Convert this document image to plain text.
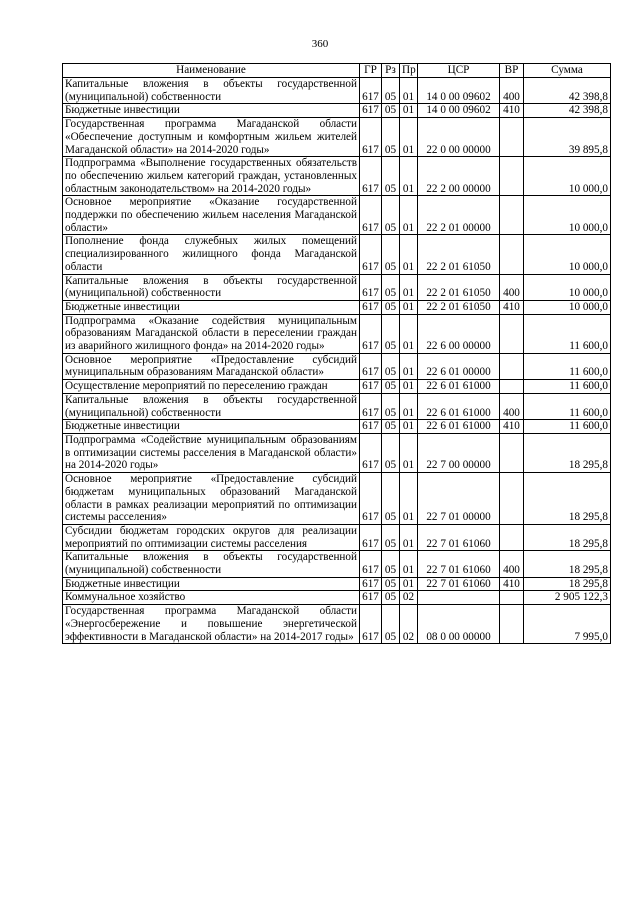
360
Наименование	ГР	Рз	Пр	ЦСР	ВР	Сумма
Капитальные вложения в объекты государственной (муниципальной) собственности	617	05	01	14 0 00 09602	400	42 398,8
Бюджетные инвестиции	617	05	01	14 0 00 09602	410	42 398,8
Государственная программа Магаданской области «Обеспечение доступным и комфортным жильем жителей Магаданской области» на 2014-2020 годы»	617	05	01	22 0 00 00000		39 895,8
Подпрограмма «Выполнение государственных обязательств по обеспечению жильем категорий граждан, установленных областным законодательством» на 2014-2020 годы»	617	05	01	22 2 00 00000		10 000,0
Основное мероприятие «Оказание государственной поддержки по обеспечению жильем населения Магаданской области»	617	05	01	22 2 01 00000		10 000,0
Пополнение фонда служебных жилых помещений специализированного жилищного фонда Магаданской области	617	05	01	22 2 01 61050		10 000,0
Капитальные вложения в объекты государственной (муниципальной) собственности	617	05	01	22 2 01 61050	400	10 000,0
Бюджетные инвестиции	617	05	01	22 2 01 61050	410	10 000,0
Подпрограмма «Оказание содействия муниципальным образованиям Магаданской области в переселении граждан из аварийного жилищного фонда» на 2014-2020 годы»	617	05	01	22 6 00 00000		11 600,0
Основное мероприятие «Предоставление субсидий муниципальным образованиям Магаданской области»	617	05	01	22 6 01 00000		11 600,0
Осуществление мероприятий по переселению граждан	617	05	01	22 6 01 61000		11 600,0
Капитальные вложения в объекты государственной (муниципальной) собственности	617	05	01	22 6 01 61000	400	11 600,0
Бюджетные инвестиции	617	05	01	22 6 01 61000	410	11 600,0
Подпрограмма «Содействие муниципальным образованиям в оптимизации системы расселения в Магаданской области» на 2014-2020 годы»	617	05	01	22 7 00 00000		18 295,8
Основное мероприятие «Предоставление субсидий бюджетам муниципальных образований Магаданской области в рамках реализации мероприятий по оптимизации системы расселения»	617	05	01	22 7 01 00000		18 295,8
Субсидии бюджетам городских округов для реализации мероприятий по оптимизации системы расселения	617	05	01	22 7 01 61060		18 295,8
Капитальные вложения в объекты государственной (муниципальной) собственности	617	05	01	22 7 01 61060	400	18 295,8
Бюджетные инвестиции	617	05	01	22 7 01 61060	410	18 295,8
Коммунальное хозяйство	617	05	02			2 905 122,3
Государственная программа Магаданской области «Энергосбережение и повышение энергетической эффективности в Магаданской области» на 2014-2017 годы»	617	05	02	08 0 00 00000		7 995,0
